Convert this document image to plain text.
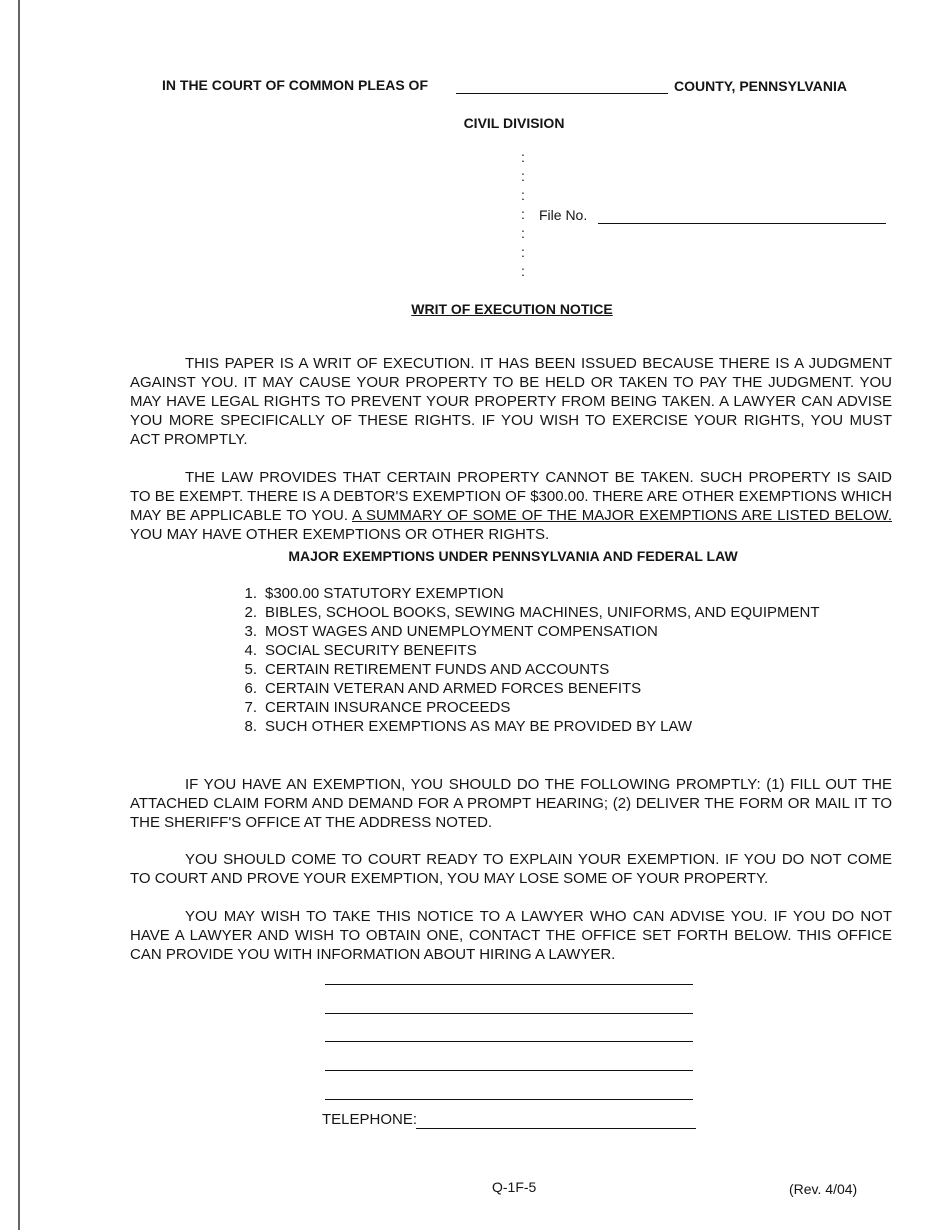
IN THE COURT OF COMMON PLEAS OF	COUNTY, PENNSYLVANIA
CIVIL DIVISION
:
:
:
:
:
:
:
File No.
WRIT OF EXECUTION NOTICE

THIS PAPER IS A WRIT OF EXECUTION. IT HAS BEEN ISSUED BECAUSE THERE IS A JUDGMENT AGAINST YOU. IT MAY CAUSE YOUR PROPERTY TO BE HELD OR TAKEN TO PAY THE JUDGMENT. YOU MAY HAVE LEGAL RIGHTS TO PREVENT YOUR PROPERTY FROM BEING TAKEN. A LAWYER CAN ADVISE YOU MORE SPECIFICALLY OF THESE RIGHTS. IF YOU WISH TO EXERCISE YOUR RIGHTS, YOU MUST ACT PROMPTLY.

THE LAW PROVIDES THAT CERTAIN PROPERTY CANNOT BE TAKEN. SUCH PROPERTY IS SAID TO BE EXEMPT. THERE IS A DEBTOR'S EXEMPTION OF $300.00. THERE ARE OTHER EXEMPTIONS WHICH MAY BE APPLICABLE TO YOU. A SUMMARY OF SOME OF THE MAJOR EXEMPTIONS ARE LISTED BELOW. YOU MAY HAVE OTHER EXEMPTIONS OR OTHER RIGHTS.

MAJOR EXEMPTIONS UNDER PENNSYLVANIA AND FEDERAL LAW
1. $300.00 STATUTORY EXEMPTION
2. BIBLES, SCHOOL BOOKS, SEWING MACHINES, UNIFORMS, AND EQUIPMENT
3. MOST WAGES AND UNEMPLOYMENT COMPENSATION
4. SOCIAL SECURITY BENEFITS
5. CERTAIN RETIREMENT FUNDS AND ACCOUNTS
6. CERTAIN VETERAN AND ARMED FORCES BENEFITS
7. CERTAIN INSURANCE PROCEEDS
8. SUCH OTHER EXEMPTIONS AS MAY BE PROVIDED BY LAW

IF YOU HAVE AN EXEMPTION, YOU SHOULD DO THE FOLLOWING PROMPTLY: (1) FILL OUT THE ATTACHED CLAIM FORM AND DEMAND FOR A PROMPT HEARING; (2) DELIVER THE FORM OR MAIL IT TO THE SHERIFF'S OFFICE AT THE ADDRESS NOTED.

YOU SHOULD COME TO COURT READY TO EXPLAIN YOUR EXEMPTION. IF YOU DO NOT COME TO COURT AND PROVE YOUR EXEMPTION, YOU MAY LOSE SOME OF YOUR PROPERTY.

YOU MAY WISH TO TAKE THIS NOTICE TO A LAWYER WHO CAN ADVISE YOU. IF YOU DO NOT HAVE A LAWYER AND WISH TO OBTAIN ONE, CONTACT THE OFFICE SET FORTH BELOW. THIS OFFICE CAN PROVIDE YOU WITH INFORMATION ABOUT HIRING A LAWYER.

TELEPHONE:
Q-1F-5	(Rev. 4/04)
